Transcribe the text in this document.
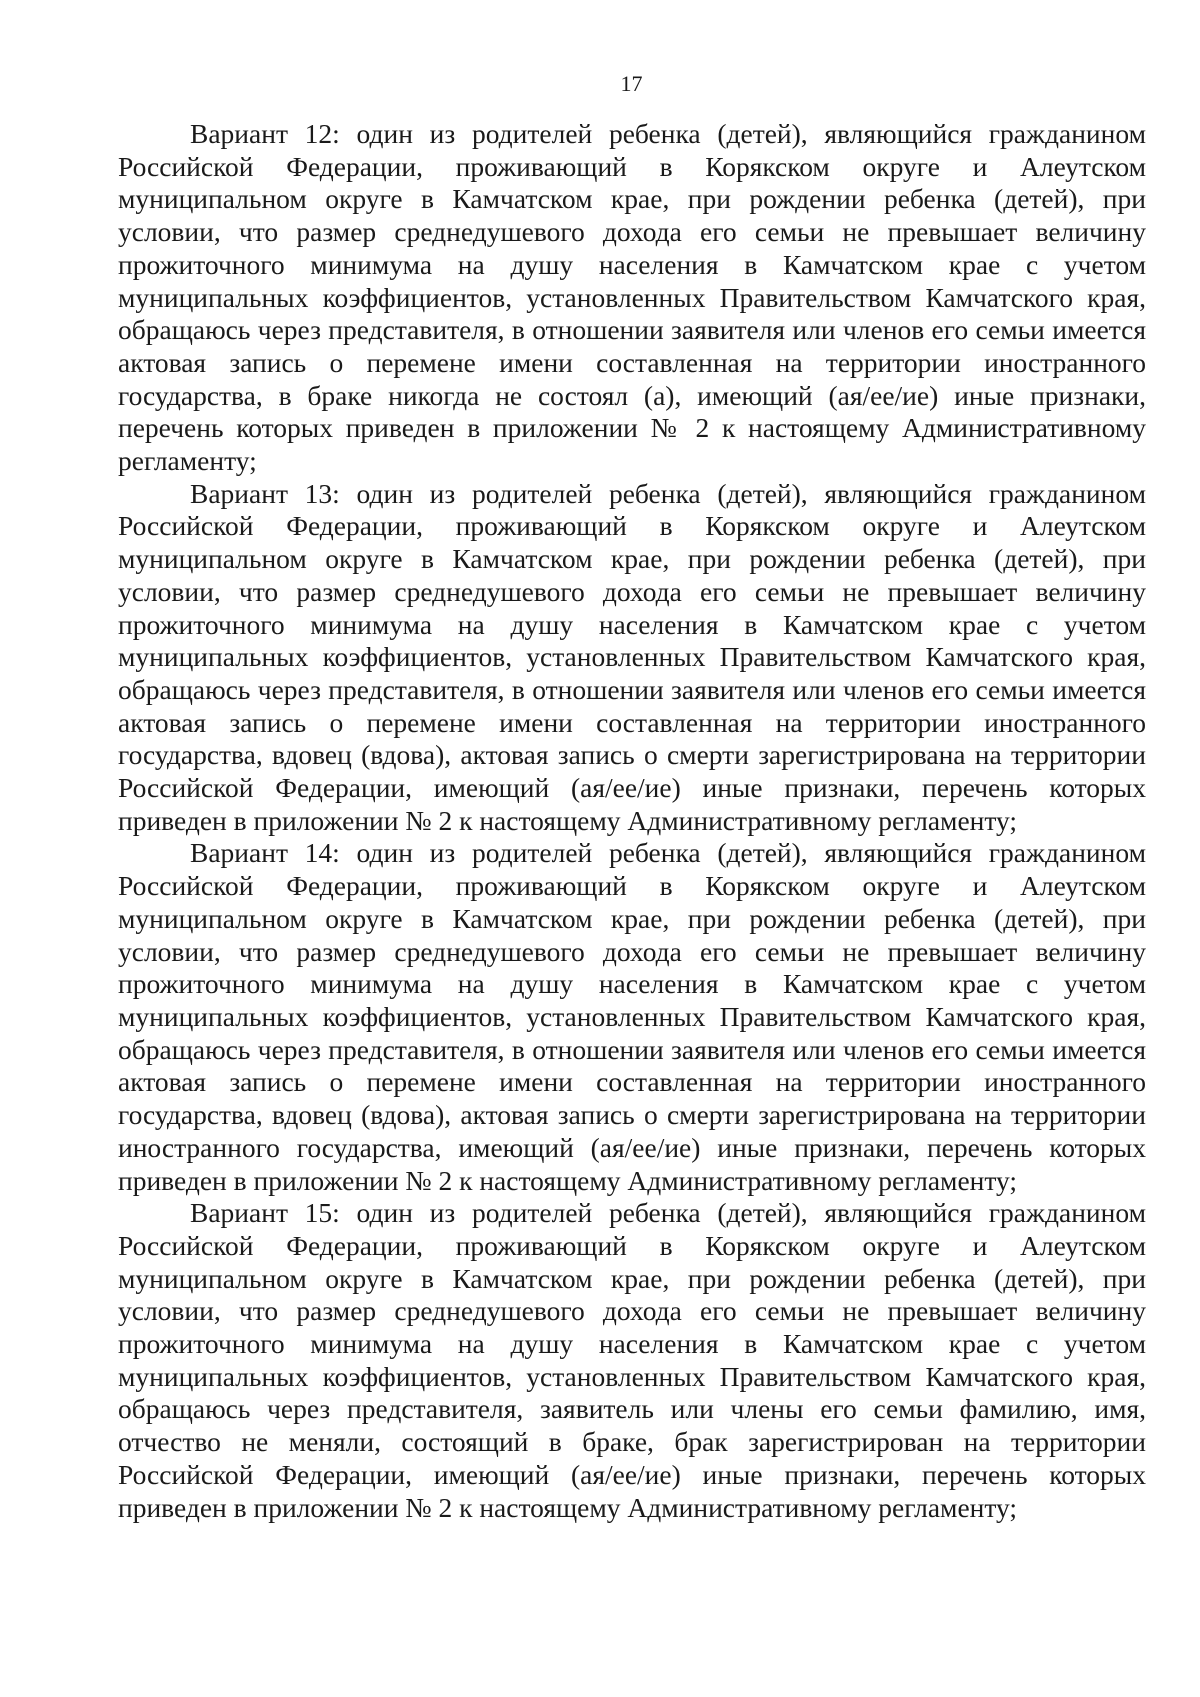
17

Вариант 12: один из родителей ребенка (детей), являющийся гражданином Российской Федерации, проживающий в Корякском округе и Алеутском муниципальном округе в Камчатском крае, при рождении ребенка (детей), при условии, что размер среднедушевого дохода его семьи не превышает величину прожиточного минимума на душу населения в Камчатском крае с учетом муниципальных коэффициентов, установленных Правительством Камчатского края, обращаюсь через представителя, в отношении заявителя или членов его семьи имеется актовая запись о перемене имени составленная на территории иностранного государства, в браке никогда не состоял (а), имеющий (ая/ее/ие) иные признаки, перечень которых приведен в приложении № 2 к настоящему Административному регламенту;

Вариант 13: один из родителей ребенка (детей), являющийся гражданином Российской Федерации, проживающий в Корякском округе и Алеутском муниципальном округе в Камчатском крае, при рождении ребенка (детей), при условии, что размер среднедушевого дохода его семьи не превышает величину прожиточного минимума на душу населения в Камчатском крае с учетом муниципальных коэффициентов, установленных Правительством Камчатского края, обращаюсь через представителя, в отношении заявителя или членов его семьи имеется актовая запись о перемене имени составленная на территории иностранного государства, вдовец (вдова), актовая запись о смерти зарегистрирована на территории Российской Федерации, имеющий (ая/ее/ие) иные признаки, перечень которых приведен в приложении № 2 к настоящему Административному регламенту;

Вариант 14: один из родителей ребенка (детей), являющийся гражданином Российской Федерации, проживающий в Корякском округе и Алеутском муниципальном округе в Камчатском крае, при рождении ребенка (детей), при условии, что размер среднедушевого дохода его семьи не превышает величину прожиточного минимума на душу населения в Камчатском крае с учетом муниципальных коэффициентов, установленных Правительством Камчатского края, обращаюсь через представителя, в отношении заявителя или членов его семьи имеется актовая запись о перемене имени составленная на территории иностранного государства, вдовец (вдова), актовая запись о смерти зарегистрирована на территории иностранного государства, имеющий (ая/ее/ие) иные признаки, перечень которых приведен в приложении № 2 к настоящему Административному регламенту;

Вариант 15: один из родителей ребенка (детей), являющийся гражданином Российской Федерации, проживающий в Корякском округе и Алеутском муниципальном округе в Камчатском крае, при рождении ребенка (детей), при условии, что размер среднедушевого дохода его семьи не превышает величину прожиточного минимума на душу населения в Камчатском крае с учетом муниципальных коэффициентов, установленных Правительством Камчатского края, обращаюсь через представителя, заявитель или члены его семьи фамилию, имя, отчество не меняли, состоящий в браке, брак зарегистрирован на территории Российской Федерации, имеющий (ая/ее/ие) иные признаки, перечень которых приведен в приложении № 2 к настоящему Административному регламенту;
